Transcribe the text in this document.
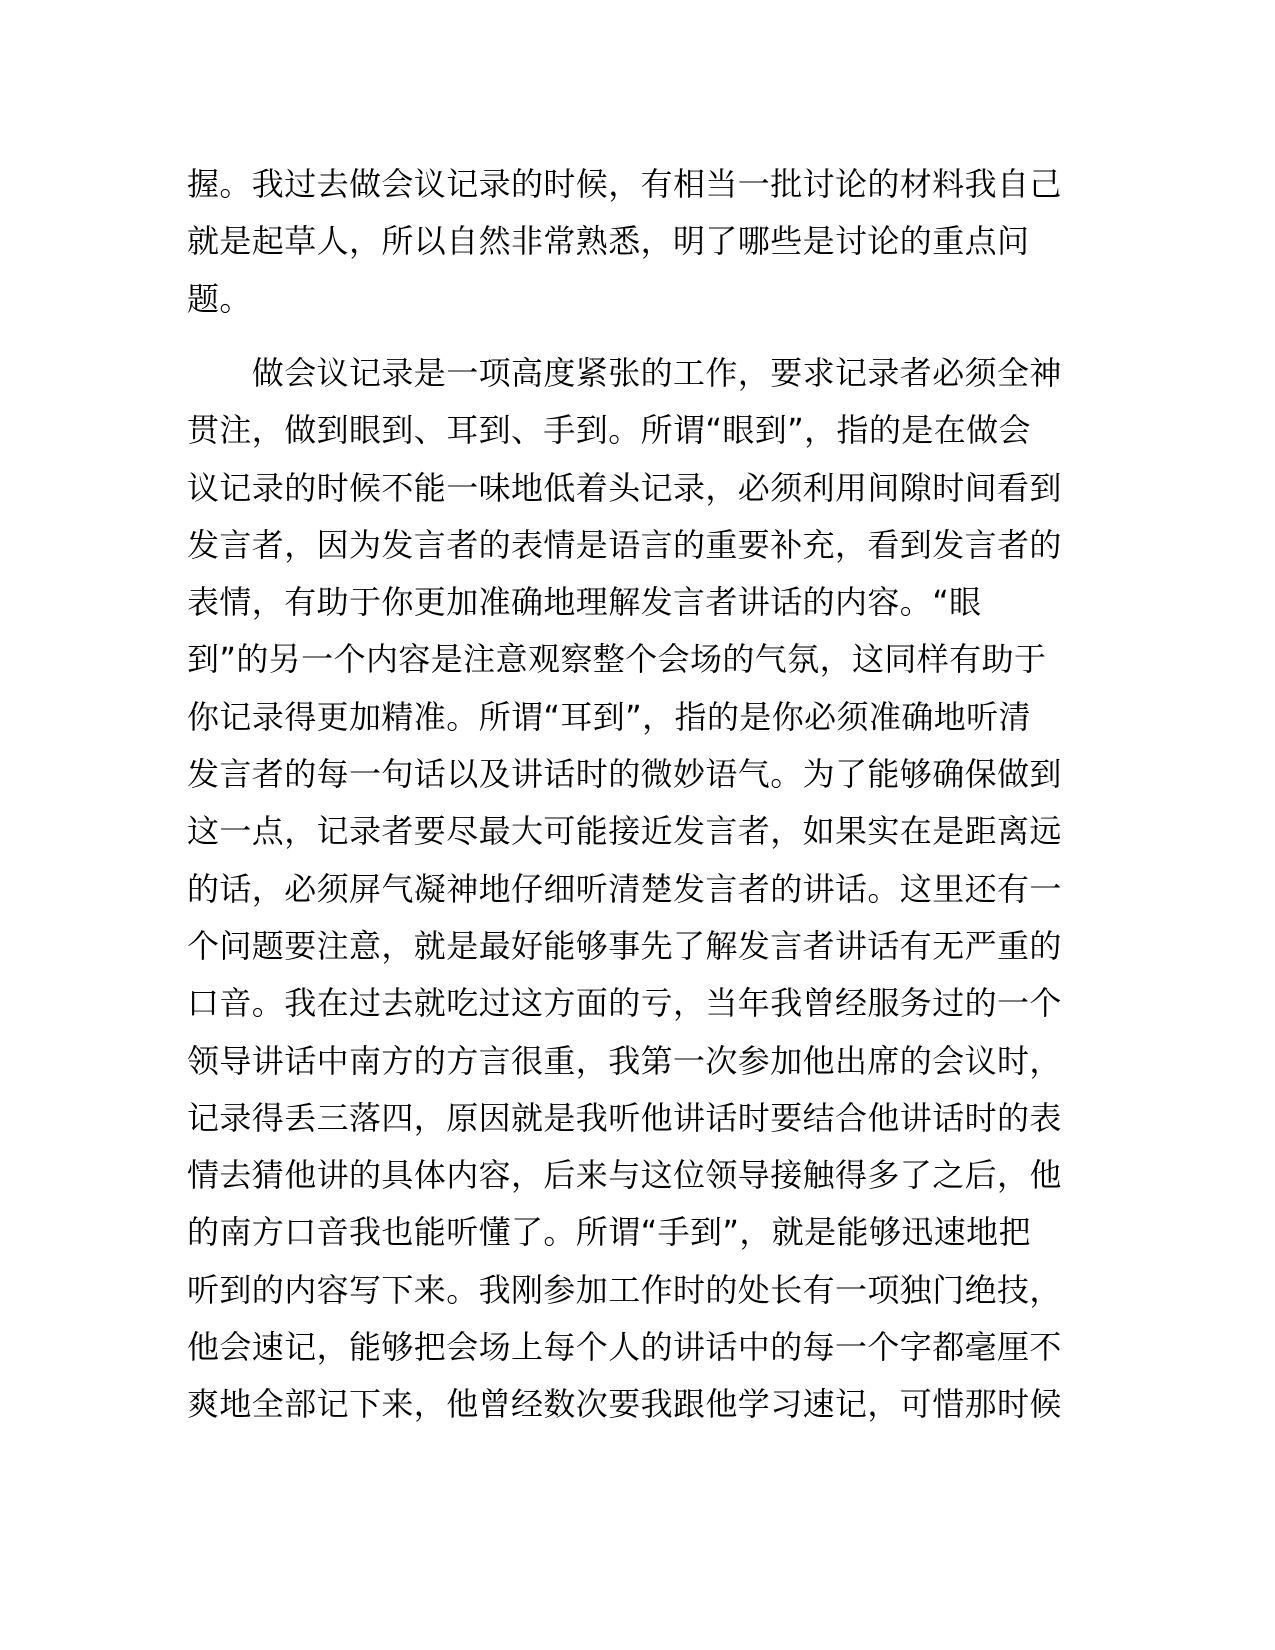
握。我过去做会议记录的时候，有相当一批讨论的材料我自己
就是起草人，所以自然非常熟悉，明了哪些是讨论的重点问
题。
　　做会议记录是一项高度紧张的工作，要求记录者必须全神
贯注，做到眼到、耳到、手到。所谓“眼到”，指的是在做会
议记录的时候不能一味地低着头记录，必须利用间隙时间看到
发言者，因为发言者的表情是语言的重要补充，看到发言者的
表情，有助于你更加准确地理解发言者讲话的内容。“眼
到”的另一个内容是注意观察整个会场的气氛，这同样有助于
你记录得更加精准。所谓“耳到”，指的是你必须准确地听清
发言者的每一句话以及讲话时的微妙语气。为了能够确保做到
这一点，记录者要尽最大可能接近发言者，如果实在是距离远
的话，必须屏气凝神地仔细听清楚发言者的讲话。这里还有一
个问题要注意，就是最好能够事先了解发言者讲话有无严重的
口音。我在过去就吃过这方面的亏，当年我曾经服务过的一个
领导讲话中南方的方言很重，我第一次参加他出席的会议时，
记录得丢三落四，原因就是我听他讲话时要结合他讲话时的表
情去猜他讲的具体内容，后来与这位领导接触得多了之后，他
的南方口音我也能听懂了。所谓“手到”，就是能够迅速地把
听到的内容写下来。我刚参加工作时的处长有一项独门绝技，
他会速记，能够把会场上每个人的讲话中的每一个字都毫厘不
爽地全部记下来，他曾经数次要我跟他学习速记，可惜那时候
